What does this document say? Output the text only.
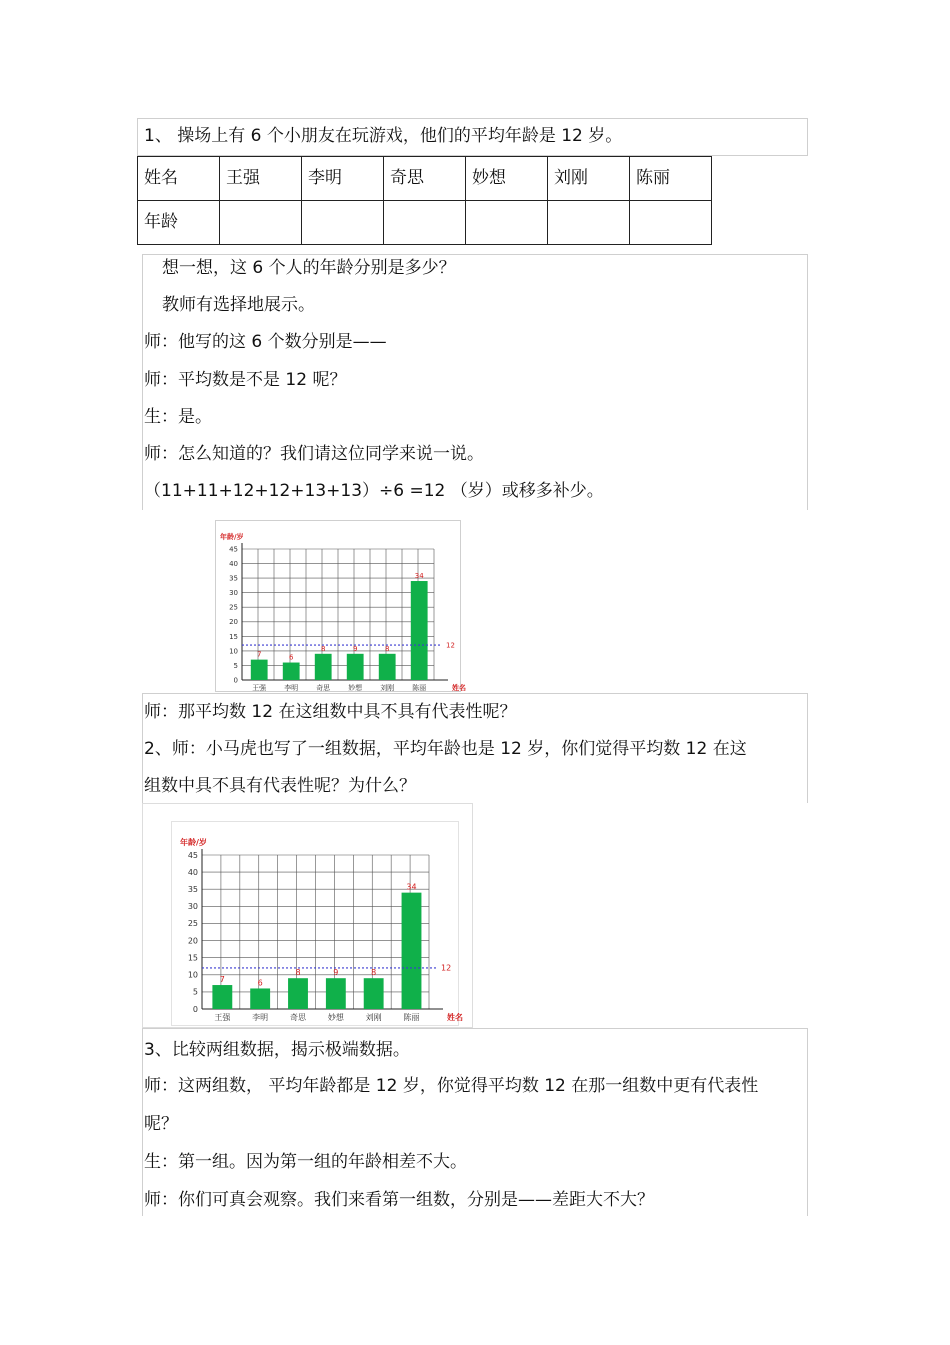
1、 操场上有 6 个小朋友在玩游戏，他们的平均年龄是 12 岁。
姓名	王强	李明	奇思	妙想	刘刚	陈丽
年龄						
想一想，这 6 个人的年龄分别是多少？
教师有选择地展示。
师：他写的这 6 个数分别是——
师：平均数是不是 12 呢？
生：是。
师：怎么知道的？我们请这位同学来说一说。
（11+11+12+12+13+13）÷6 =12 （岁）或移多补少。
0
5
10
15
20
25
30
35
40
45
年龄/岁
姓名
7
王强
6
李明
8
奇思
9
妙想
8
刘刚
34
陈丽
12
师：那平均数 12 在这组数中具不具有代表性呢？
2、师：小马虎也写了一组数据，平均年龄也是 12 岁，你们觉得平均数 12 在这
组数中具不具有代表性呢？为什么？
0
5
10
15
20
25
30
35
40
45
年龄/岁
姓名
7
王强
6
李明
8
奇思
9
妙想
8
刘刚
34
陈丽
12
3、比较两组数据，揭示极端数据。
师：这两组数， 平均年龄都是 12 岁，你觉得平均数 12 在那一组数中更有代表性
呢？
生：第一组。因为第一组的年龄相差不大。
师：你们可真会观察。我们来看第一组数，分别是——差距大不大？
